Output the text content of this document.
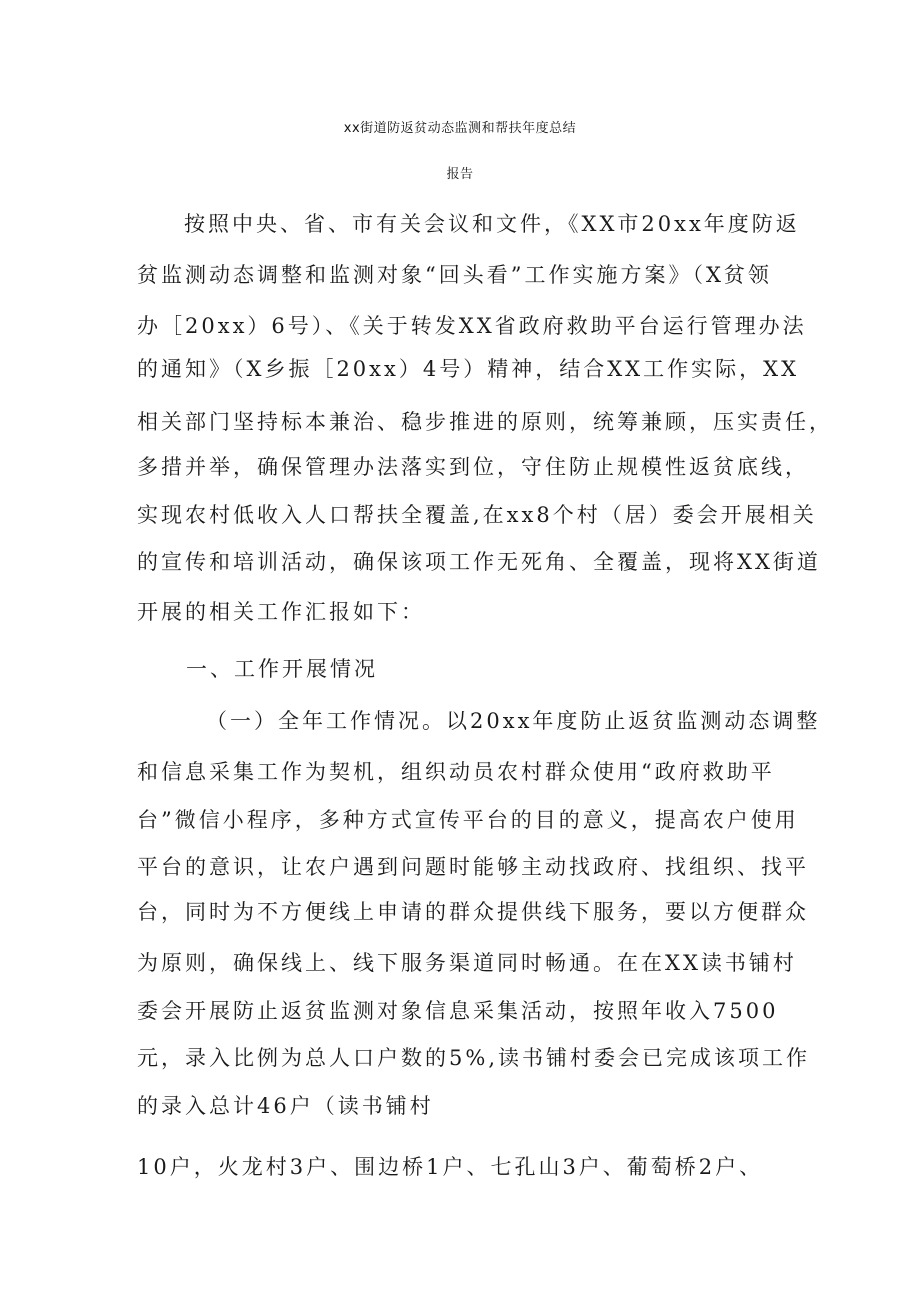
xx街道防返贫动态监测和帮扶年度总结
报告
按照中央、省、市有关会议和文件，《XX市20xx年度防返
贫监测动态调整和监测对象“回头看”工作实施方案》（X贫领
办［20xx）6号）、《关于转发XX省政府救助平台运行管理办法
的通知》（X乡振［20xx）4号）精神，结合XX工作实际，XX
相关部门坚持标本兼治、稳步推进的原则，统筹兼顾，压实责任，
多措并举，确保管理办法落实到位，守住防止规模性返贫底线，
实现农村低收入人口帮扶全覆盖,在xx8个村（居）委会开展相关
的宣传和培训活动，确保该项工作无死角、全覆盖，现将XX街道
开展的相关工作汇报如下：
一、工作开展情况
（一）全年工作情况。以20xx年度防止返贫监测动态调整
和信息采集工作为契机，组织动员农村群众使用“政府救助平
台”微信小程序，多种方式宣传平台的目的意义，提高农户使用
平台的意识，让农户遇到问题时能够主动找政府、找组织、找平
台，同时为不方便线上申请的群众提供线下服务，要以方便群众
为原则，确保线上、线下服务渠道同时畅通。在在XX读书铺村
委会开展防止返贫监测对象信息采集活动，按照年收入7500
元，录入比例为总人口户数的5%,读书铺村委会已完成该项工作
的录入总计46户（读书铺村
10户，火龙村3户、围边桥1户、七孔山3户、葡萄桥2户、
